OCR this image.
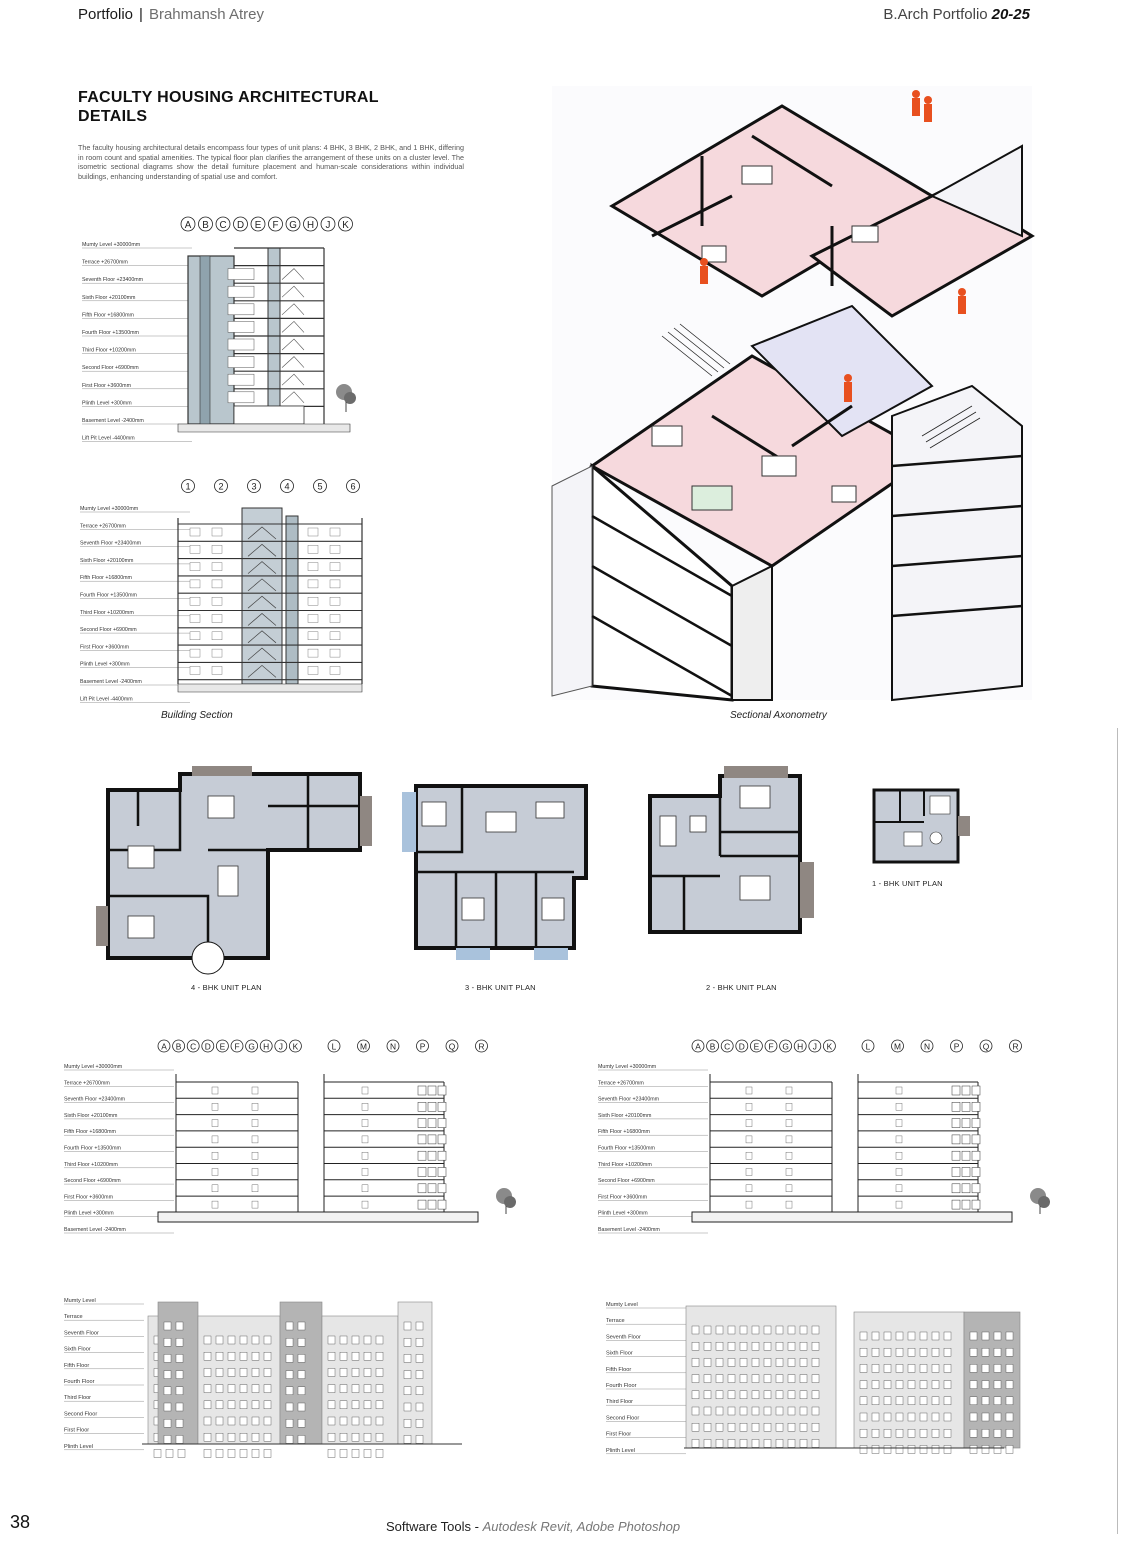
Portfolio | Brahmansh Atrey	B.Arch Portfolio 20-25
FACULTY HOUSING ARCHITECTURAL DETAILS
The faculty housing architectural details encompass four types of unit plans: 4 BHK, 3 BHK, 2 BHK, and 1 BHK, differing in room count and spatial amenities. The typical floor plan clarifies the arrangement of these units on a cluster level. The isometric sectional diagrams show the detail furniture placement and human-scale considerations within individual buildings, enhancing understanding of spatial use and comfort.
A B C D E F G H J K
Mumty Level +30000mm
Terrace +26700mm
Seventh Floor +23400mm
Sixth Floor +20100mm
Fifth Floor +16800mm
Fourth Floor +13500mm
Third Floor +10200mm
Second Floor +6900mm
First Floor +3600mm
Plinth Level +300mm
Basement Level -2400mm
Lift Pit Level -4400mm
1	2	3	4	5	6
Mumty Level +30000mm
Terrace +26700mm
Seventh Floor +23400mm
Sixth Floor +20100mm
Fifth Floor +16800mm
Fourth Floor +13500mm
Third Floor +10200mm
Second Floor +6900mm
First Floor +3600mm
Plinth Level +300mm
Basement Level -2400mm
Lift Pit Level -4400mm
Building Section	Sectional Axonometry
4 - BHK UNIT PLAN	3 - BHK UNIT PLAN	2 - BHK UNIT PLAN
1 - BHK UNIT PLAN
A B C D E F G H J K	L	M	N	P	Q	R
Mumty Level +30000mm
Terrace +26700mm
Seventh Floor +23400mm
Sixth Floor +20100mm
Fifth Floor +16800mm
Fourth Floor +13500mm
Third Floor +10200mm
Second Floor +6900mm
First Floor +3600mm
Plinth Level +300mm
Basement Level -2400mm
A B C D E F G H J K	L	M	N	P	Q	R
Mumty Level +30000mm
Terrace +26700mm
Seventh Floor +23400mm
Sixth Floor +20100mm
Fifth Floor +16800mm
Fourth Floor +13500mm
Third Floor +10200mm
Second Floor +6900mm
First Floor +3600mm
Plinth Level +300mm
Basement Level -2400mm
Mumty Level
Terrace
Seventh Floor
Sixth Floor
Fifth Floor
Fourth Floor
Third Floor
Second Floor
First Floor
Plinth Level
Mumty Level
Terrace
Seventh Floor
Sixth Floor
Fifth Floor
Fourth Floor
Third Floor
Second Floor
First Floor
Plinth Level
38	Software Tools - Autodesk Revit, Adobe Photoshop
